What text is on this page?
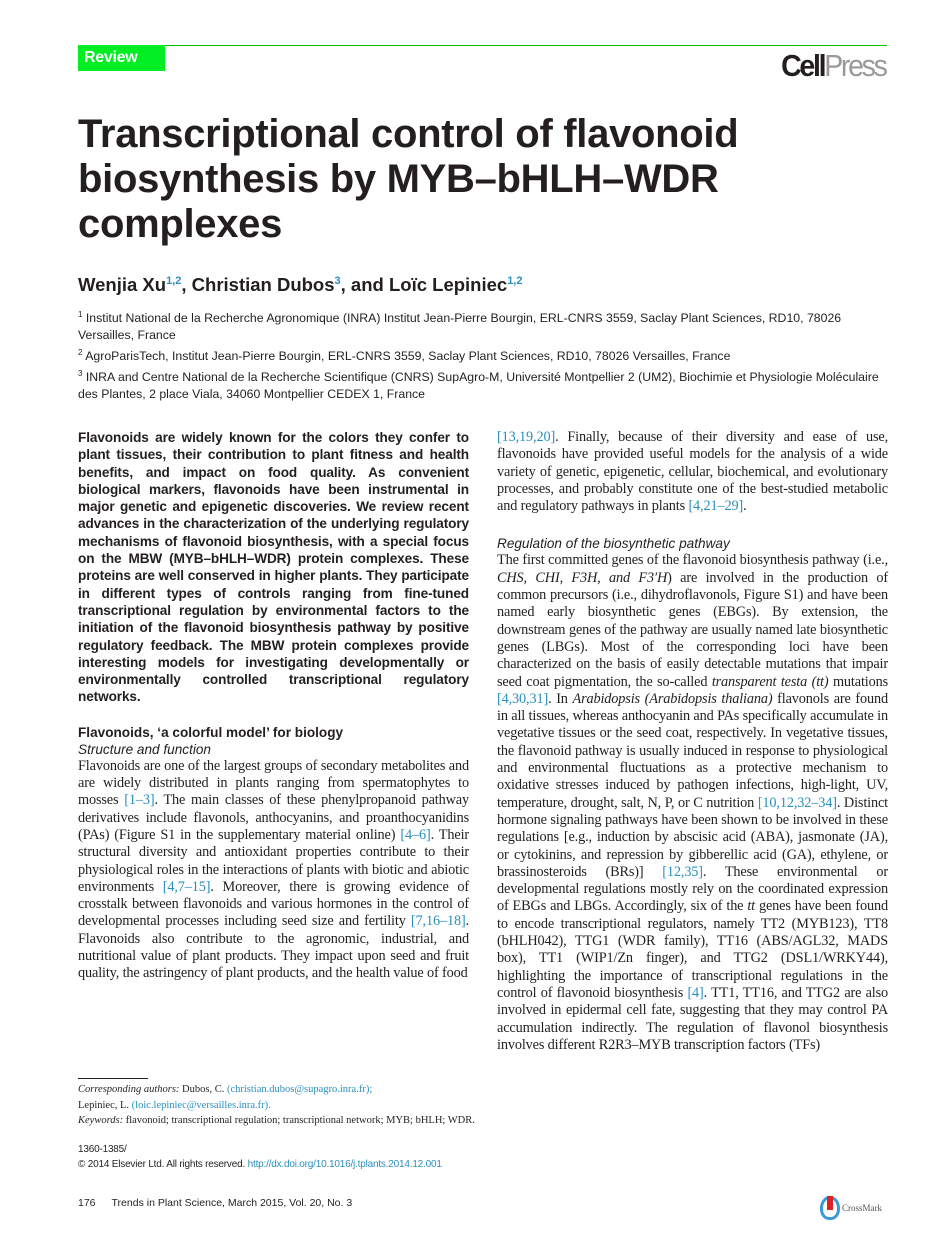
Review	CellPress
Transcriptional control of flavonoid biosynthesis by MYB–bHLH–WDR complexes
Wenjia Xu$^{1,2}$, Christian Dubos$^3$, and Loïc Lepiniec$^{1,2}$
$^1$ Institut National de la Recherche Agronomique (INRA) Institut Jean-Pierre Bourgin, ERL-CNRS 3559, Saclay Plant Sciences, RD10, 78026 Versailles, France
$^2$ AgroParisTech, Institut Jean-Pierre Bourgin, ERL-CNRS 3559, Saclay Plant Sciences, RD10, 78026 Versailles, France
$^3$ INRA and Centre National de la Recherche Scientifique (CNRS) SupAgro-M, Université Montpellier 2 (UM2), Biochimie et Physiologie Moléculaire des Plantes, 2 place Viala, 34060 Montpellier CEDEX 1, France

Flavonoids are widely known for the colors they confer to plant tissues, their contribution to plant fitness and health benefits, and impact on food quality. As convenient biological markers, flavonoids have been instrumental in major genetic and epigenetic discoveries. We review recent advances in the characterization of the underlying regulatory mechanisms of flavonoid biosynthesis, with a special focus on the MBW (MYB–bHLH–WDR) protein complexes. These proteins are well conserved in higher plants. They participate in different types of controls ranging from fine-tuned transcriptional regulation by environmental factors to the initiation of the flavonoid biosynthesis pathway by positive regulatory feedback. The MBW protein complexes provide interesting models for investigating developmentally or environmentally controlled transcriptional regulatory networks.

Flavonoids, ‘a colorful model’ for biology
Structure and function

Flavonoids are one of the largest groups of secondary metabolites and are widely distributed in plants ranging from spermatophytes to mosses [1–3]. The main classes of these phenylpropanoid pathway derivatives include flavonols, anthocyanins, and proanthocyanidins (PAs) (Figure S1 in the supplementary material online) [4–6]. Their structural diversity and antioxidant properties contribute to their physiological roles in the interactions of plants with biotic and abiotic environments [4,7–15]. Moreover, there is growing evidence of crosstalk between flavonoids and various hormones in the control of developmental processes including seed size and fertility [7,16–18]. Flavonoids also contribute to the agronomic, industrial, and nutritional value of plant products. They impact upon seed and fruit quality, the astringency of plant products, and the health value of food

[13,19,20]. Finally, because of their diversity and ease of use, flavonoids have provided useful models for the analysis of a wide variety of genetic, epigenetic, cellular, biochemical, and evolutionary processes, and probably constitute one of the best-studied metabolic and regulatory pathways in plants [4,21–29].

Regulation of the biosynthetic pathway

The first committed genes of the flavonoid biosynthesis pathway (i.e., CHS, CHI, F3H, and F3′H) are involved in the production of common precursors (i.e., dihydroflavonols, Figure S1) and have been named early biosynthetic genes (EBGs). By extension, the downstream genes of the pathway are usually named late biosynthetic genes (LBGs). Most of the corresponding loci have been characterized on the basis of easily detectable mutations that impair seed coat pigmentation, the so-called transparent testa (tt) mutations [4,30,31]. In Arabidopsis (Arabidopsis thaliana) flavonols are found in all tissues, whereas anthocyanin and PAs specifically accumulate in vegetative tissues or the seed coat, respectively. In vegetative tissues, the flavonoid pathway is usually induced in response to physiological and environmental fluctuations as a protective mechanism to oxidative stresses induced by pathogen infections, high-light, UV, temperature, drought, salt, N, P, or C nutrition [10,12,32–34]. Distinct hormone signaling pathways have been shown to be involved in these regulations [e.g., induction by abscisic acid (ABA), jasmonate (JA), or cytokinins, and repression by gibberellic acid (GA), ethylene, or brassinosteroids (BRs)] [12,35]. These environmental or developmental regulations mostly rely on the coordinated expression of EBGs and LBGs. Accordingly, six of the tt genes have been found to encode transcriptional regulators, namely TT2 (MYB123), TT8 (bHLH042), TTG1 (WDR family), TT16 (ABS/AGL32, MADS box), TT1 (WIP1/Zn finger), and TTG2 (DSL1/WRKY44), highlighting the importance of transcriptional regulations in the control of flavonoid biosynthesis [4]. TT1, TT16, and TTG2 are also involved in epidermal cell fate, suggesting that they may control PA accumulation indirectly. The regulation of flavonol biosynthesis involves different R2R3–MYB transcription factors (TFs)

Corresponding authors: Dubos, C. (christian.dubos@supagro.inra.fr);
Lepiniec, L. (loic.lepiniec@versailles.inra.fr).
Keywords: flavonoid; transcriptional regulation; transcriptional network; MYB; bHLH; WDR.
1360-1385/
© 2014 Elsevier Ltd. All rights reserved. http://dx.doi.org/10.1016/j.tplants.2014.12.001
176 Trends in Plant Science, March 2015, Vol. 20, No. 3	CrossMark
